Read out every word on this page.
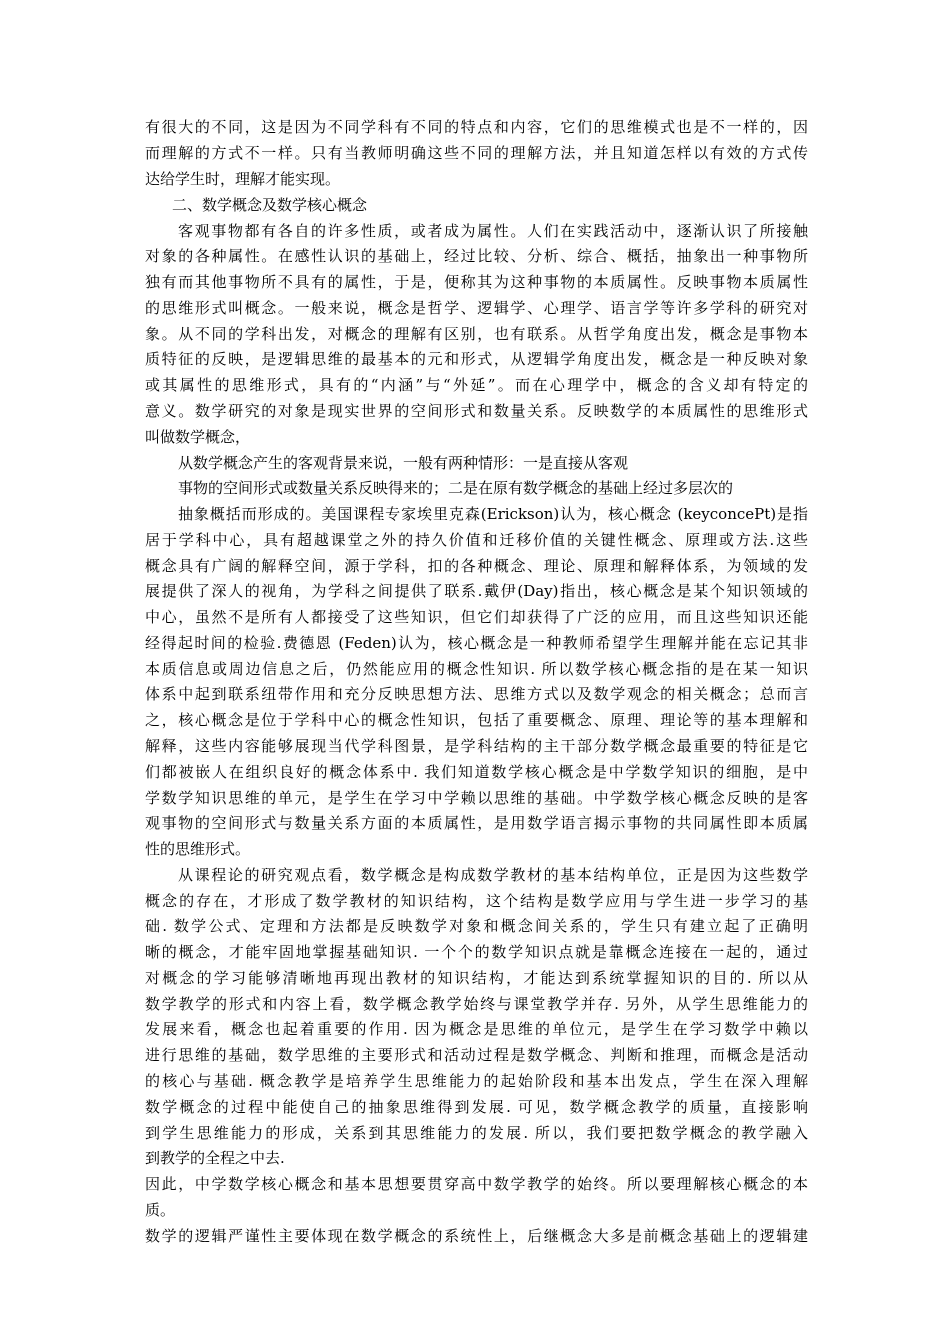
有很大的不同，这是因为不同学科有不同的特点和内容，它们的思维模式也是不一样的，因
而理解的方式不一样。只有当教师明确这些不同的理解方法，并且知道怎样以有效的方式传
达给学生时，理解才能实现。
二、数学概念及数学核心概念
客观事物都有各自的许多性质，或者成为属性。人们在实践活动中，逐渐认识了所接触
对象的各种属性。在感性认识的基础上，经过比较、分析、综合、概括，抽象出一种事物所
独有而其他事物所不具有的属性，于是，便称其为这种事物的本质属性。反映事物本质属性
的思维形式叫概念。一般来说，概念是哲学、逻辑学、心理学、语言学等许多学科的研究对
象。从不同的学科出发，对概念的理解有区别，也有联系。从哲学角度出发，概念是事物本
质特征的反映，是逻辑思维的最基本的元和形式，从逻辑学角度出发，概念是一种反映对象
或其属性的思维形式，具有的“内涵”与“外延”。而在心理学中，概念的含义却有特定的
意义。数学研究的对象是现实世界的空间形式和数量关系。反映数学的本质属性的思维形式
叫做数学概念，
从数学概念产生的客观背景来说，一般有两种情形：一是直接从客观
事物的空间形式或数量关系反映得来的；二是在原有数学概念的基础上经过多层次的
抽象概括而形成的。美国课程专家埃里克森(Erickson)认为，核心概念 (keyconcePt)是指
居于学科中心，具有超越课堂之外的持久价值和迁移价值的关键性概念、原理或方法.这些
概念具有广阔的解释空间，源于学科，扣的各种概念、理论、原理和解释体系，为领域的发
展提供了深人的视角，为学科之间提供了联系.戴伊(Day)指出，核心概念是某个知识领域的
中心，虽然不是所有人都接受了这些知识，但它们却获得了广泛的应用，而且这些知识还能
经得起时间的检验.费德恩 (Feden)认为，核心概念是一种教师希望学生理解并能在忘记其非
本质信息或周边信息之后，仍然能应用的概念性知识. 所以数学核心概念指的是在某一知识
体系中起到联系纽带作用和充分反映思想方法、思维方式以及数学观念的相关概念；总而言
之，核心概念是位于学科中心的概念性知识，包括了重要概念、原理、理论等的基本理解和
解释，这些内容能够展现当代学科图景，是学科结构的主干部分数学概念最重要的特征是它
们都被嵌人在组织良好的概念体系中. 我们知道数学核心概念是中学数学知识的细胞，是中
学数学知识思维的单元，是学生在学习中学赖以思维的基础。中学数学核心概念反映的是客
观事物的空间形式与数量关系方面的本质属性，是用数学语言揭示事物的共同属性即本质属
性的思维形式。
从课程论的研究观点看，数学概念是构成数学教材的基本结构单位，正是因为这些数学
概念的存在，才形成了数学教材的知识结构，这个结构是数学应用与学生进一步学习的基
础. 数学公式、定理和方法都是反映数学对象和概念间关系的，学生只有建立起了正确明
晰的概念，才能牢固地掌握基础知识. 一个个的数学知识点就是靠概念连接在一起的，通过
对概念的学习能够清晰地再现出教材的知识结构，才能达到系统掌握知识的目的. 所以从
数学教学的形式和内容上看，数学概念教学始终与课堂教学并存. 另外，从学生思维能力的
发展来看，概念也起着重要的作用. 因为概念是思维的单位元，是学生在学习数学中赖以
进行思维的基础，数学思维的主要形式和活动过程是数学概念、判断和推理，而概念是活动
的核心与基础. 概念教学是培养学生思维能力的起始阶段和基本出发点，学生在深入理解
数学概念的过程中能使自己的抽象思维得到发展. 可见，数学概念教学的质量，直接影响
到学生思维能力的形成，关系到其思维能力的发展. 所以，我们要把数学概念的教学融入
到教学的全程之中去.
因此，中学数学核心概念和基本思想要贯穿高中数学教学的始终。所以要理解核心概念的本
质。
数学的逻辑严谨性主要体现在数学概念的系统性上，后继概念大多是前概念基础上的逻辑建
